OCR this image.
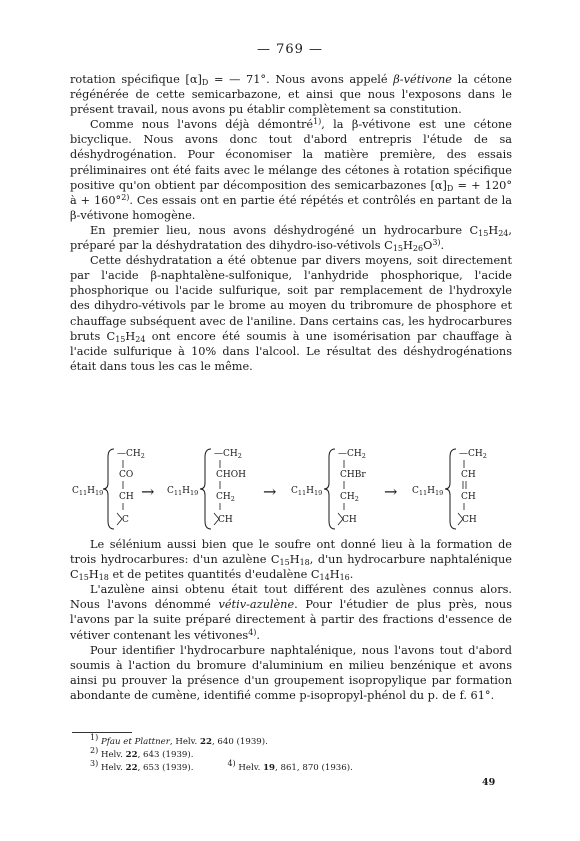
— 769 —

rotation spécifique $[\alpha]_D$ = — 71°. Nous avons appelé β-vétivone la cétone régénérée de cette semicarbazone, et ainsi que nous l'exposons dans le présent travail, nous avons pu établir complètement sa constitution.

Comme nous l'avons déjà démontré$^{1)}$, la β-vétivone est une cétone bicyclique. Nous avons donc tout d'abord entrepris l'étude de sa déshydrogénation. Pour économiser la matière première, des essais préliminaires ont été faits avec le mélange des cétones à rotation spécifique positive qu'on obtient par décomposition des semicarbazones $[\alpha]_D$ = + 120° à + 160°$^{2)}$. Ces essais ont en partie été répétés et contrôlés en partant de la β-vétivone homogène.

En premier lieu, nous avons déshydrogéné un hydrocarbure $C_{15}H_{24}$, préparé par la déshydratation des dihydro-iso-vétivols $C_{15}H_{26}O^{3)}$.

Cette déshydratation a été obtenue par divers moyens, soit directement par l'acide β-naphtalène-sulfonique, l'anhydride phosphorique, l'acide phosphorique ou l'acide sulfurique, soit par remplacement de l'hydroxyle des dihydro-vétivols par le brome au moyen du tribromure de phosphore et chauffage subséquent avec de l'aniline. Dans certains cas, les hydrocarbures bruts $C_{15}H_{24}$ ont encore été soumis à une isomérisation par chauffage à l'acide sulfurique à 10% dans l'alcool. Le résultat des déshydrogénations était dans tous les cas le même.

$C_{11}H_{19}$
$—CH_2$
CO
CH
C
→ $C_{11}H_{19}$
$—CH_2$
CHOH
$CH_2$
CH
→ $C_{11}H_{19}$
$—CH_2$
CHBr
$CH_2$
CH
→ $C_{11}H_{19}$
$—CH_2$
CH
CH
CH

Le sélénium aussi bien que le soufre ont donné lieu à la formation de trois hydrocarbures: d'un azulène $C_{15}H_{18}$, d'un hydrocarbure naphtalénique $C_{15}H_{18}$ et de petites quantités d'eudalène $C_{14}H_{16}$.

L'azulène ainsi obtenu était tout différent des azulènes connus alors. Nous l'avons dénommé vétiv-azulène. Pour l'étudier de plus près, nous l'avons par la suite préparé directement à partir des fractions d'essence de vétiver contenant les vétivones$^{4)}$.

Pour identifier l'hydrocarbure naphtalénique, nous l'avons tout d'abord soumis à l'action du bromure d'aluminium en milieu benzénique et avons ainsi pu prouver la présence d'un groupement isopropylique par formation abondante de cumène, identifié comme p-isopropyl-phénol du p. de f. 61°.

$^{1)}$ Pfau et Plattner, Helv. 22, 640 (1939).
$^{2)}$ Helv. 22, 643 (1939).
$^{3)}$ Helv. 22, 653 (1939).	$^{4)}$ Helv. 19, 861, 870 (1936).
49
